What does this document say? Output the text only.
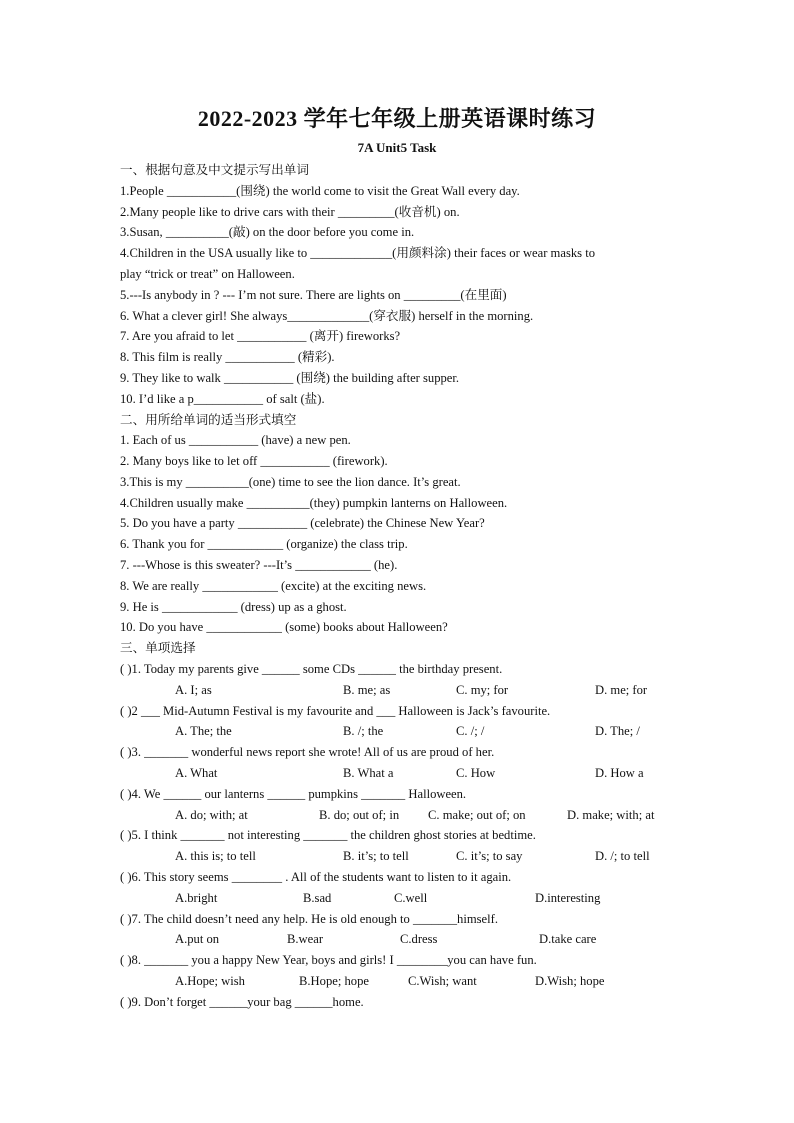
2022-2023 学年七年级上册英语课时练习
7A Unit5 Task
一、根据句意及中文提示写出单词
1.People ___________(围绕) the world come to visit the Great Wall every day.
2.Many people like to drive cars with their _________(收音机) on.
3.Susan, __________(敲) on the door before you come in.
4.Children in the USA usually like to _____________(用颜料涂) their faces or wear masks to
play “trick or treat” on Halloween.
5.---Is anybody in ? --- I’m not sure. There are lights on _________(在里面)
6. What a clever girl! She always_____________(穿衣服) herself in the morning.
7. Are you afraid to let ___________ (离开) fireworks?
8. This film is really ___________ (精彩).
9. They like to walk ___________ (围绕) the building after supper.
10. I’d like a p___________ of salt (盐).
二、用所给单词的适当形式填空
1. Each of us ___________ (have) a new pen.
2. Many boys like to let off ___________ (firework).
3.This is my __________(one) time to see the lion dance. It’s great.
4.Children usually make __________(they) pumpkin lanterns on Halloween.
5. Do you have a party ___________ (celebrate) the Chinese New Year?
6. Thank you for ____________ (organize) the class trip.
7. ---Whose is this sweater? ---It’s ____________ (he).
8. We are really ____________ (excite) at the exciting news.
9. He is ____________ (dress) up as a ghost.
10. Do you have ____________ (some) books about Halloween?
三、单项选择
( )1. Today my parents give ______ some CDs ______ the birthday present.
A. I; as	B. me; as	C. my; for	D. me; for
( )2 ___ Mid-Autumn Festival is my favourite and ___ Halloween is Jack’s favourite.
A. The; the	B. /; the	C. /; /	D. The; /
( )3. _______ wonderful news report she wrote! All of us are proud of her.
A. What	B. What a	C. How	D. How a
( )4. We ______ our lanterns ______ pumpkins _______ Halloween.
A. do; with; at	B. do; out of; in C. make; out of; on	D. make; with; at
( )5. I think _______ not interesting _______ the children ghost stories at bedtime.
A. this is; to tell	B. it’s; to tell	C. it’s; to say	D. /; to tell
( )6. This story seems ________ . All of the students want to listen to it again.
A.bright	B.sad	C.well	D.interesting
( )7. The child doesn’t need any help. He is old enough to _______himself.
A.put on	B.wear	C.dress	D.take care
( )8. _______ you a happy New Year, boys and girls! I ________you can have fun.
A.Hope; wish	B.Hope; hope	C.Wish; want	D.Wish; hope
( )9. Don’t forget ______your bag ______home.
